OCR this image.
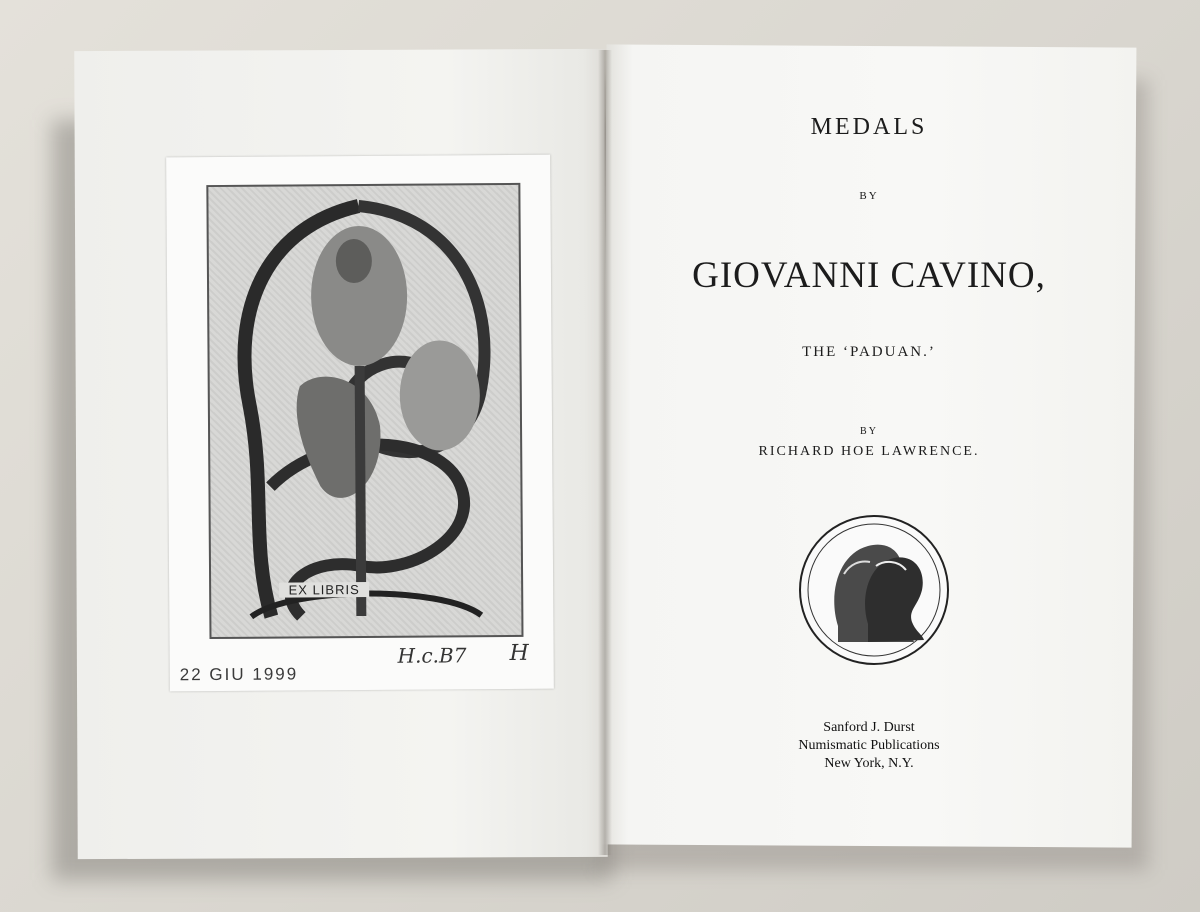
EX LIBRIS
22 GIU 1999
H.c.B7 H
MEDALS
BY
GIOVANNI CAVINO,
THE ‘PADUAN.’
BY
RICHARD HOE LAWRENCE.
Sanford J. Durst
Numismatic Publications
New York, N.Y.
